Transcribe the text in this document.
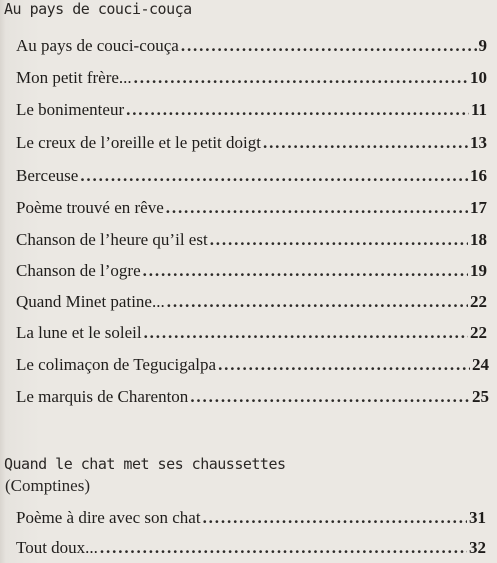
Au pays de couci-couça
Au pays de couci-couça . . .	9
Mon petit frère... . . .	10
Le bonimenteur . . .	11
Le creux de l’oreille et le petit doigt . . .	13
Berceuse . . .	16
Poème trouvé en rêve . . .	17
Chanson de l’heure qu’il est . . .	18
Chanson de l’ogre . . .	19
Quand Minet patine... . . .	22
La lune et le soleil . . .	22
Le colimaçon de Tegucigalpa . . .	24
Le marquis de Charenton . . .	25
Quand le chat met ses chaussettes
(Comptines)
Poème à dire avec son chat . . .	31
Tout doux... . . .	32
